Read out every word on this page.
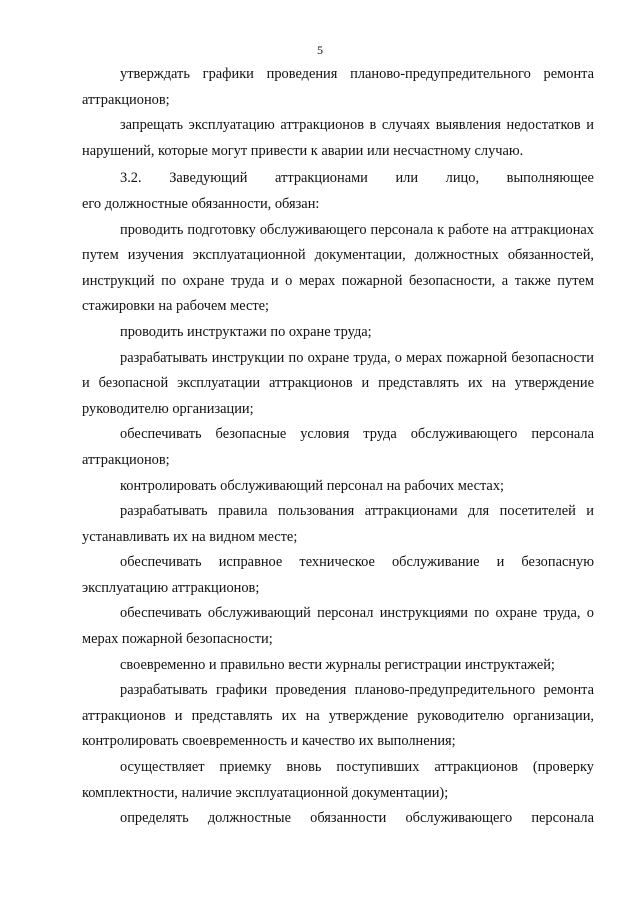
5

утверждать графики проведения планово-предупредительного ремонта аттракционов;

запрещать эксплуатацию аттракционов в случаях выявления недостатков и нарушений, которые могут привести к аварии или несчастному случаю.

3.2. Заведующий аттракционами или лицо, выполняющее

его должностные обязанности, обязан:

проводить подготовку обслуживающего персонала к работе на аттракционах путем изучения эксплуатационной документации, должностных обязанностей, инструкций по охране труда и о мерах пожарной безопасности, а также путем стажировки на рабочем месте;

проводить инструктажи по охране труда;

разрабатывать инструкции по охране труда, о мерах пожарной безопасности и безопасной эксплуатации аттракционов и представлять их на утверждение руководителю организации;

обеспечивать безопасные условия труда обслуживающего персонала аттракционов;

контролировать обслуживающий персонал на рабочих местах;

разрабатывать правила пользования аттракционами для посетителей и устанавливать их на видном месте;

обеспечивать исправное техническое обслуживание и безопасную эксплуатацию аттракционов;

обеспечивать обслуживающий персонал инструкциями по охране труда, о мерах пожарной безопасности;

своевременно и правильно вести журналы регистрации инструктажей;

разрабатывать графики проведения планово-предупредительного ремонта аттракционов и представлять их на утверждение руководителю организации, контролировать своевременность и качество их выполнения;

осуществляет приемку вновь поступивших аттракционов (проверку комплектности, наличие эксплуатационной документации);

определять должностные обязанности обслуживающего персонала
